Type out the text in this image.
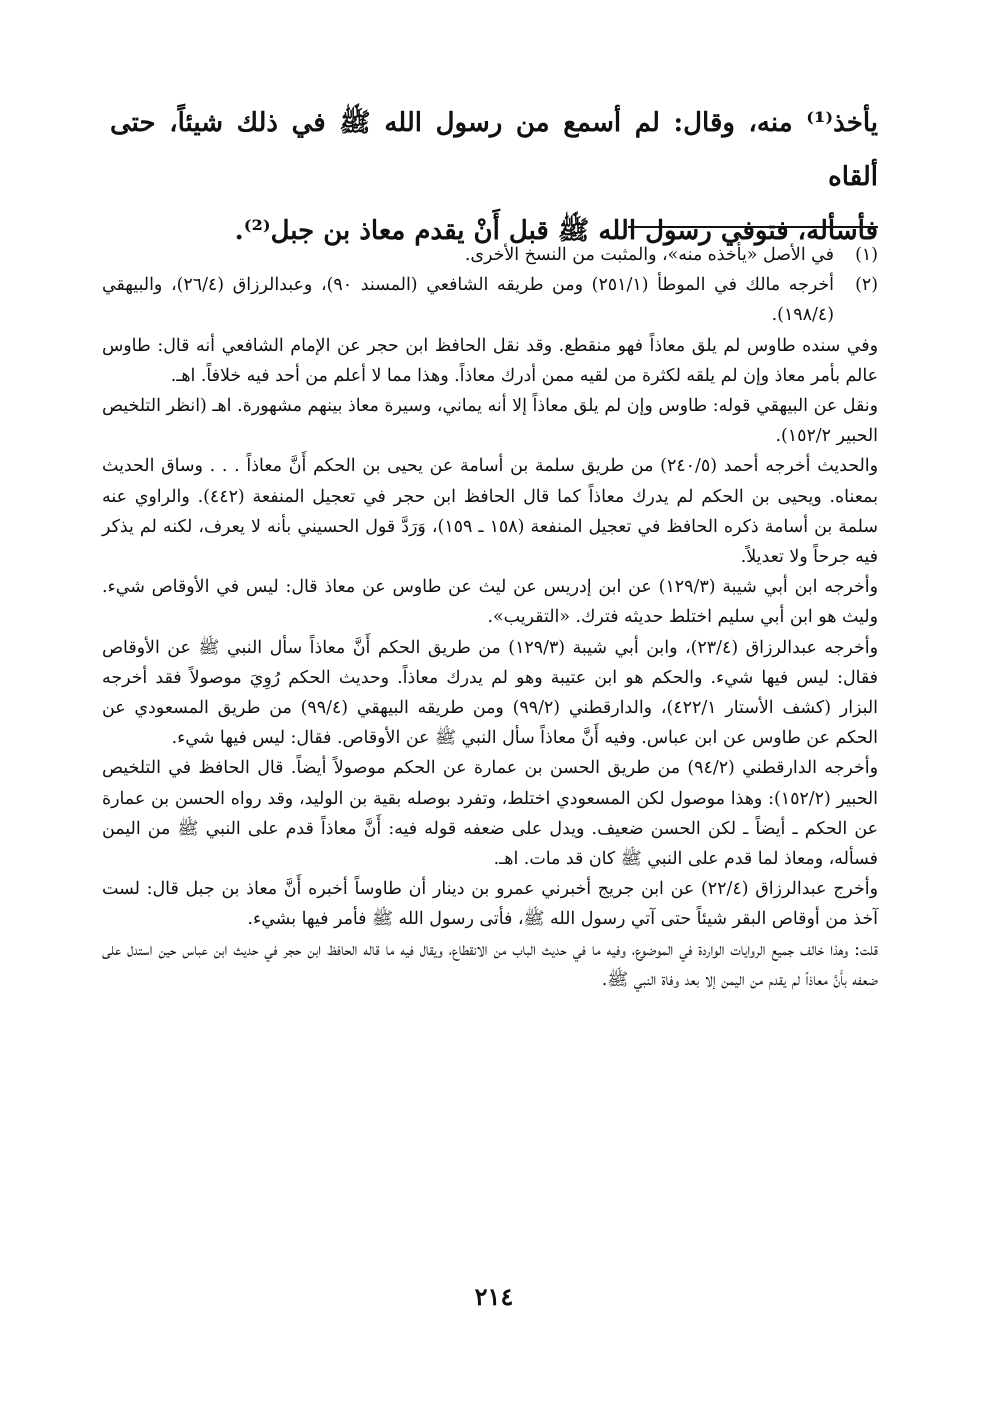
يأخذ⁽¹⁾ منه، وقال: لم أسمع من رسول الله ﷺ في ذلك شيئاً، حتى ألقاه

فأسأله، فتوفي رسول الله ﷺ قبل أَنْ يقدم معاذ بن جبل⁽²⁾.

(١)
في الأصل «يأخذه منه»، والمثبت من النسخ الأخرى.
(٢)
أخرجه مالك في الموطأ (٢٥١/١) ومن طريقه الشافعي (المسند ٩٠)، وعبدالرزاق (٢٦/٤)، والبيهقي (١٩٨/٤).

وفي سنده طاوس لم يلق معاذاً فهو منقطع. وقد نقل الحافظ ابن حجر عن الإمام الشافعي أنه قال: طاوس عالم بأمر معاذ وإن لم يلقه لكثرة من لقيه ممن أدرك معاذاً. وهذا مما لا أعلم من أحد فيه خلافاً. اهـ.

ونقل عن البيهقي قوله: طاوس وإن لم يلق معاذاً إلا أنه يماني، وسيرة معاذ بينهم مشهورة. اهـ (انظر التلخيص الحبير ١٥٢/٢).

والحديث أخرجه أحمد (٢٤٠/٥) من طريق سلمة بن أسامة عن يحيى بن الحكم أَنَّ معاذاً . . . وساق الحديث بمعناه. ويحيى بن الحكم لم يدرك معاذاً كما قال الحافظ ابن حجر في تعجيل المنفعة (٤٤٢). والراوي عنه سلمة بن أسامة ذكره الحافظ في تعجيل المنفعة (١٥٨ ـ ١٥٩)، وَرَدَّ قول الحسيني بأنه لا يعرف، لكنه لم يذكر فيه جرحاً ولا تعديلاً.

وأخرجه ابن أبي شيبة (١٢٩/٣) عن ابن إدريس عن ليث عن طاوس عن معاذ قال: ليس في الأوقاص شيء. وليث هو ابن أبي سليم اختلط حديثه فترك. «التقريب».

وأخرجه عبدالرزاق (٢٣/٤)، وابن أبي شيبة (١٢٩/٣) من طريق الحكم أَنَّ معاذاً سأل النبي ﷺ عن الأوقاص فقال: ليس فيها شيء. والحكم هو ابن عتيبة وهو لم يدرك معاذاً. وحديث الحكم رُوِيَ موصولاً فقد أخرجه البزار (كشف الأستار ٤٢٢/١)، والدارقطني (٩٩/٢) ومن طريقه البيهقي (٩٩/٤) من طريق المسعودي عن الحكم عن طاوس عن ابن عباس. وفيه أَنَّ معاذاً سأل النبي ﷺ عن الأوقاص. فقال: ليس فيها شيء.

وأخرجه الدارقطني (٩٤/٢) من طريق الحسن بن عمارة عن الحكم موصولاً أيضاً. قال الحافظ في التلخيص الحبير (١٥٢/٢): وهذا موصول لكن المسعودي اختلط، وتفرد بوصله بقية بن الوليد، وقد رواه الحسن بن عمارة عن الحكم ـ أيضاً ـ لكن الحسن ضعيف. ويدل على ضعفه قوله فيه: أَنَّ معاذاً قدم على النبي ﷺ من اليمن فسأله، ومعاذ لما قدم على النبي ﷺ كان قد مات. اهـ.

وأخرج عبدالرزاق (٢٢/٤) عن ابن جريج أخبرني عمرو بن دينار أن طاوساً أخبره أَنَّ معاذ بن جبل قال: لست آخذ من أوقاص البقر شيئاً حتى آتي رسول الله ﷺ، فأتى رسول الله ﷺ فأمر فيها بشيء.

قلت: وهذا خالف جميع الروايات الواردة في الموضوع، وفيه ما في حديث الباب من الانقطاع، ويقال فيه ما قاله الحافظ ابن حجر في حديث ابن عباس حين استدل على ضعفه بأَنَّ معاذاً لم يقدم من اليمن إلا بعد وفاة النبي ﷺ.

٢١٤
